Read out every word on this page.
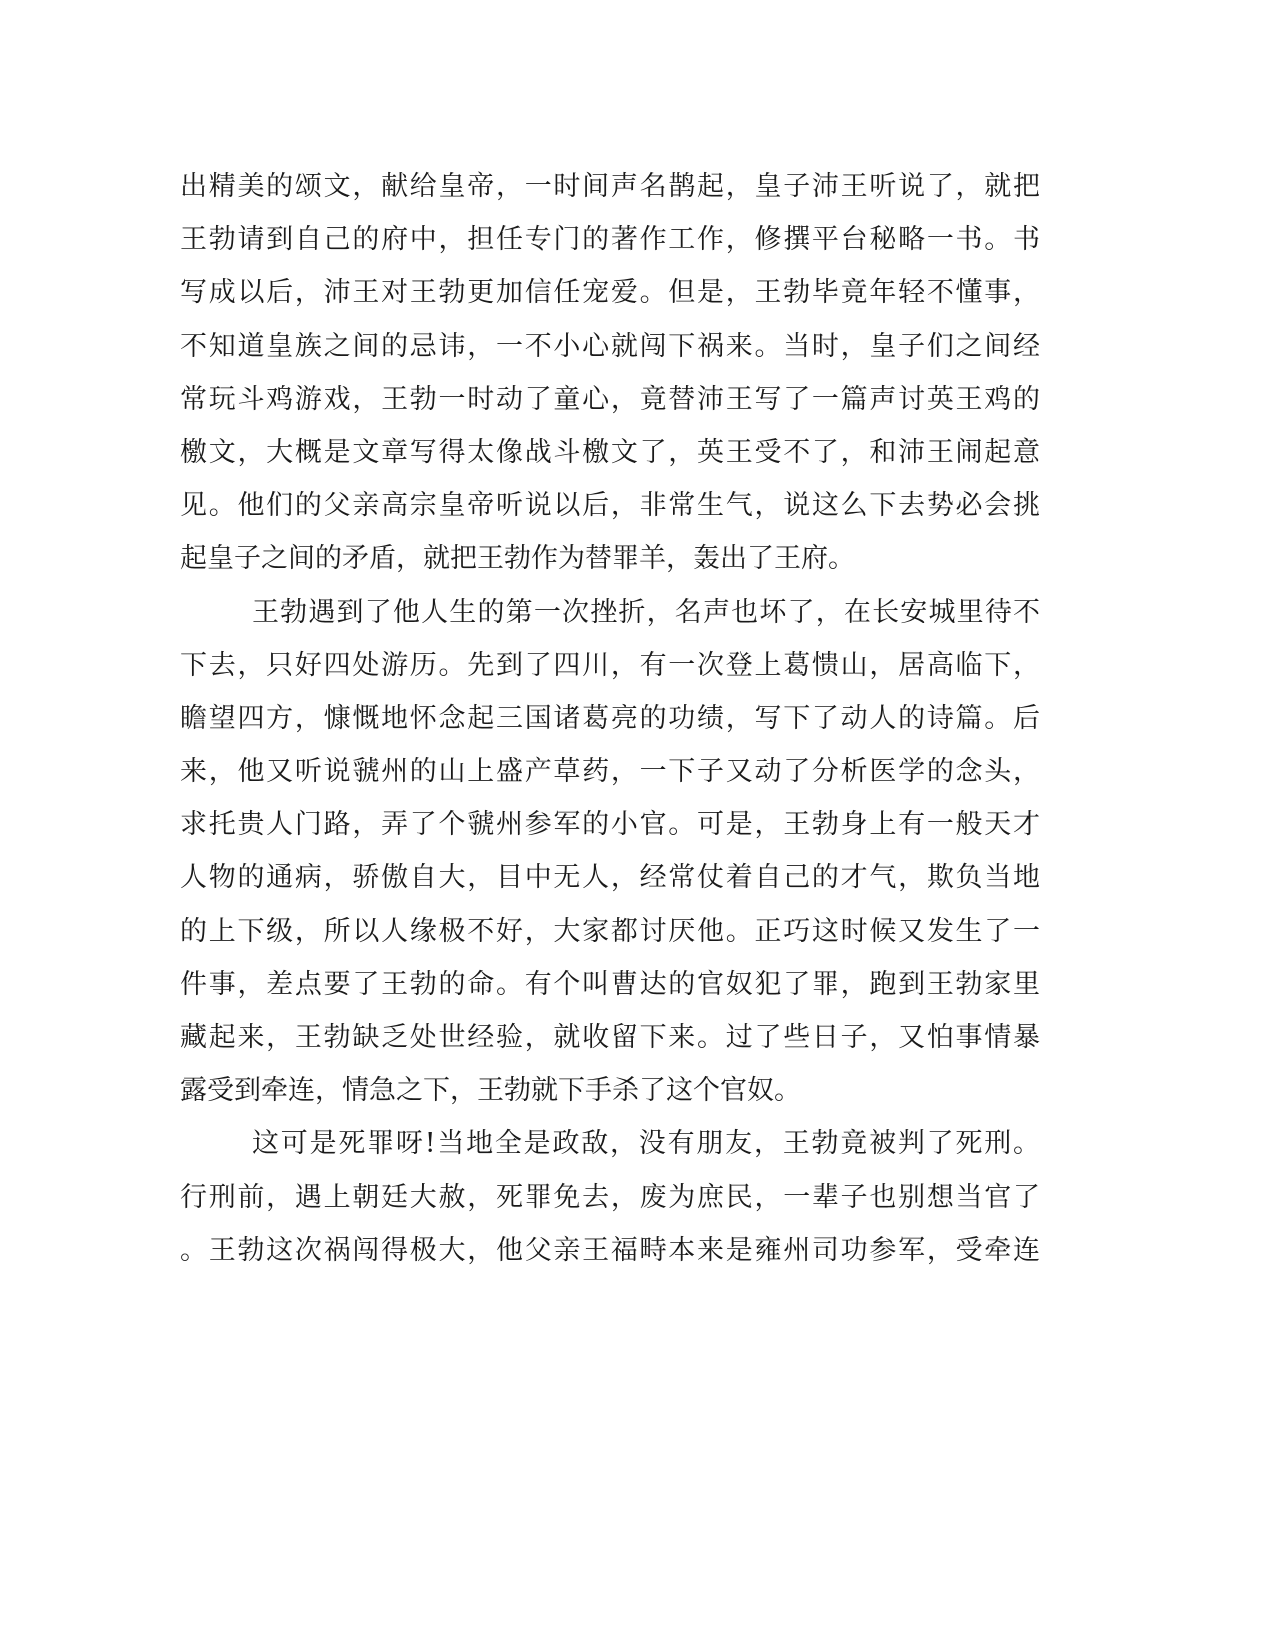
出精美的颂文，献给皇帝，一时间声名鹊起，皇子沛王听说了，就把
王勃请到自己的府中，担任专门的著作工作，修撰平台秘略一书。书
写成以后，沛王对王勃更加信任宠爱。但是，王勃毕竟年轻不懂事，
不知道皇族之间的忌讳，一不小心就闯下祸来。当时，皇子们之间经
常玩斗鸡游戏，王勃一时动了童心，竟替沛王写了一篇声讨英王鸡的
檄文，大概是文章写得太像战斗檄文了，英王受不了，和沛王闹起意
见。他们的父亲高宗皇帝听说以后，非常生气，说这么下去势必会挑
起皇子之间的矛盾，就把王勃作为替罪羊，轰出了王府。
王勃遇到了他人生的第一次挫折，名声也坏了，在长安城里待不
下去，只好四处游历。先到了四川，有一次登上葛愦山，居高临下，
瞻望四方，慷慨地怀念起三国诸葛亮的功绩，写下了动人的诗篇。后
来，他又听说虢州的山上盛产草药，一下子又动了分析医学的念头，
求托贵人门路，弄了个虢州参军的小官。可是，王勃身上有一般天才
人物的通病，骄傲自大，目中无人，经常仗着自己的才气，欺负当地
的上下级，所以人缘极不好，大家都讨厌他。正巧这时候又发生了一
件事，差点要了王勃的命。有个叫曹达的官奴犯了罪，跑到王勃家里
藏起来，王勃缺乏处世经验，就收留下来。过了些日子，又怕事情暴
露受到牵连，情急之下，王勃就下手杀了这个官奴。
这可是死罪呀!当地全是政敌，没有朋友，王勃竟被判了死刑。
行刑前，遇上朝廷大赦，死罪免去，废为庶民，一辈子也别想当官了
。王勃这次祸闯得极大，他父亲王福畤本来是雍州司功参军，受牵连
